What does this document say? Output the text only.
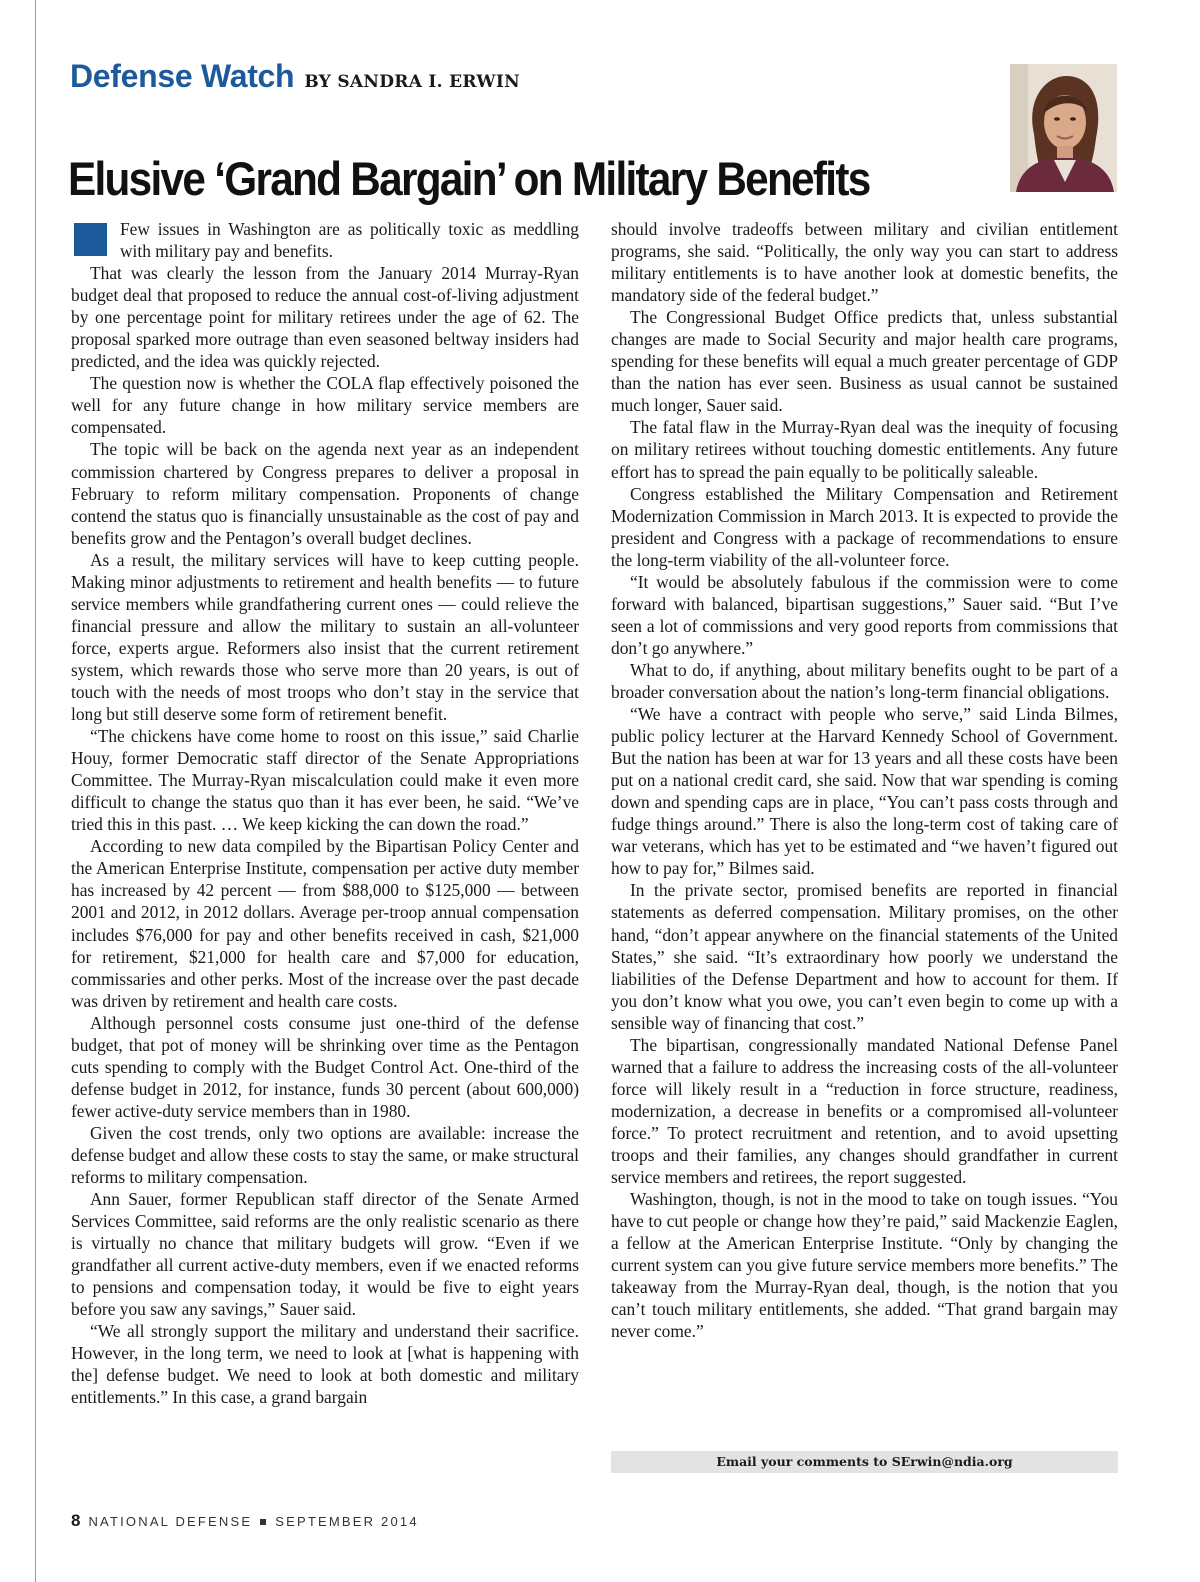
Defense Watch BY SANDRA I. ERWIN
Elusive ‘Grand Bargain’ on Military Benefits

Few issues in Washington are as politically toxic as meddling with military pay and benefits.

That was clearly the lesson from the January 2014 Murray-Ryan budget deal that proposed to reduce the annual cost-of-living adjustment by one percentage point for military retirees under the age of 62. The proposal sparked more outrage than even seasoned beltway insiders had predicted, and the idea was quickly rejected.

The question now is whether the COLA flap effectively poisoned the well for any future change in how military service members are compensated.

The topic will be back on the agenda next year as an independent commission chartered by Congress prepares to deliver a proposal in February to reform military compensation. Proponents of change contend the status quo is financially unsustainable as the cost of pay and benefits grow and the Pentagon’s overall budget declines.

As a result, the military services will have to keep cutting people. Making minor adjustments to retirement and health benefits — to future service members while grandfathering current ones — could relieve the financial pressure and allow the military to sustain an all-volunteer force, experts argue. Reformers also insist that the current retirement system, which rewards those who serve more than 20 years, is out of touch with the needs of most troops who don’t stay in the service that long but still deserve some form of retirement benefit.

“The chickens have come home to roost on this issue,” said Charlie Houy, former Democratic staff director of the Senate Appropriations Committee. The Murray-Ryan miscalculation could make it even more difficult to change the status quo than it has ever been, he said. “We’ve tried this in this past. … We keep kicking the can down the road.”

According to new data compiled by the Bipartisan Policy Center and the American Enterprise Institute, compensation per active duty member has increased by 42 percent — from $88,000 to $125,000 — between 2001 and 2012, in 2012 dollars. Average per-troop annual compensation includes $76,000 for pay and other benefits received in cash, $21,000 for retirement, $21,000 for health care and $7,000 for education, commissaries and other perks. Most of the increase over the past decade was driven by retirement and health care costs.

Although personnel costs consume just one-third of the defense budget, that pot of money will be shrinking over time as the Pentagon cuts spending to comply with the Budget Control Act. One-third of the defense budget in 2012, for instance, funds 30 percent (about 600,000) fewer active-duty service members than in 1980.

Given the cost trends, only two options are available: increase the defense budget and allow these costs to stay the same, or make structural reforms to military compensation.

Ann Sauer, former Republican staff director of the Senate Armed Services Committee, said reforms are the only realistic scenario as there is virtually no chance that military budgets will grow. “Even if we grandfather all current active-duty members, even if we enacted reforms to pensions and compensation today, it would be five to eight years before you saw any savings,” Sauer said.

“We all strongly support the military and understand their sacrifice. However, in the long term, we need to look at [what is happening with the] defense budget. We need to look at both domestic and military entitlements.” In this case, a grand bargain

should involve tradeoffs between military and civilian entitlement programs, she said. “Politically, the only way you can start to address military entitlements is to have another look at domestic benefits, the mandatory side of the federal budget.”

The Congressional Budget Office predicts that, unless substantial changes are made to Social Security and major health care programs, spending for these benefits will equal a much greater percentage of GDP than the nation has ever seen. Business as usual cannot be sustained much longer, Sauer said.

The fatal flaw in the Murray-Ryan deal was the inequity of focusing on military retirees without touching domestic entitlements. Any future effort has to spread the pain equally to be politically saleable.

Congress established the Military Compensation and Retirement Modernization Commission in March 2013. It is expected to provide the president and Congress with a package of recommendations to ensure the long-term viability of the all-volunteer force.

“It would be absolutely fabulous if the commission were to come forward with balanced, bipartisan suggestions,” Sauer said. “But I’ve seen a lot of commissions and very good reports from commissions that don’t go anywhere.”

What to do, if anything, about military benefits ought to be part of a broader conversation about the nation’s long-term financial obligations.

“We have a contract with people who serve,” said Linda Bilmes, public policy lecturer at the Harvard Kennedy School of Government. But the nation has been at war for 13 years and all these costs have been put on a national credit card, she said. Now that war spending is coming down and spending caps are in place, “You can’t pass costs through and fudge things around.” There is also the long-term cost of taking care of war veterans, which has yet to be estimated and “we haven’t figured out how to pay for,” Bilmes said.

In the private sector, promised benefits are reported in financial statements as deferred compensation. Military promises, on the other hand, “don’t appear anywhere on the financial statements of the United States,” she said. “It’s extraordinary how poorly we understand the liabilities of the Defense Department and how to account for them. If you don’t know what you owe, you can’t even begin to come up with a sensible way of financing that cost.”

The bipartisan, congressionally mandated National Defense Panel warned that a failure to address the increasing costs of the all-volunteer force will likely result in a “reduction in force structure, readiness, modernization, a decrease in benefits or a compromised all-volunteer force.” To protect recruitment and retention, and to avoid upsetting troops and their families, any changes should grandfather in current service members and retirees, the report suggested.

Washington, though, is not in the mood to take on tough issues. “You have to cut people or change how they’re paid,” said Mackenzie Eaglen, a fellow at the American Enterprise Institute. “Only by changing the current system can you give future service members more benefits.” The takeaway from the Murray-Ryan deal, though, is the notion that you can’t touch military entitlements, she added. “That grand bargain may never come.”

Email your comments to SErwin@ndia.org
8 NATIONAL DEFENSE SEPTEMBER 2014
